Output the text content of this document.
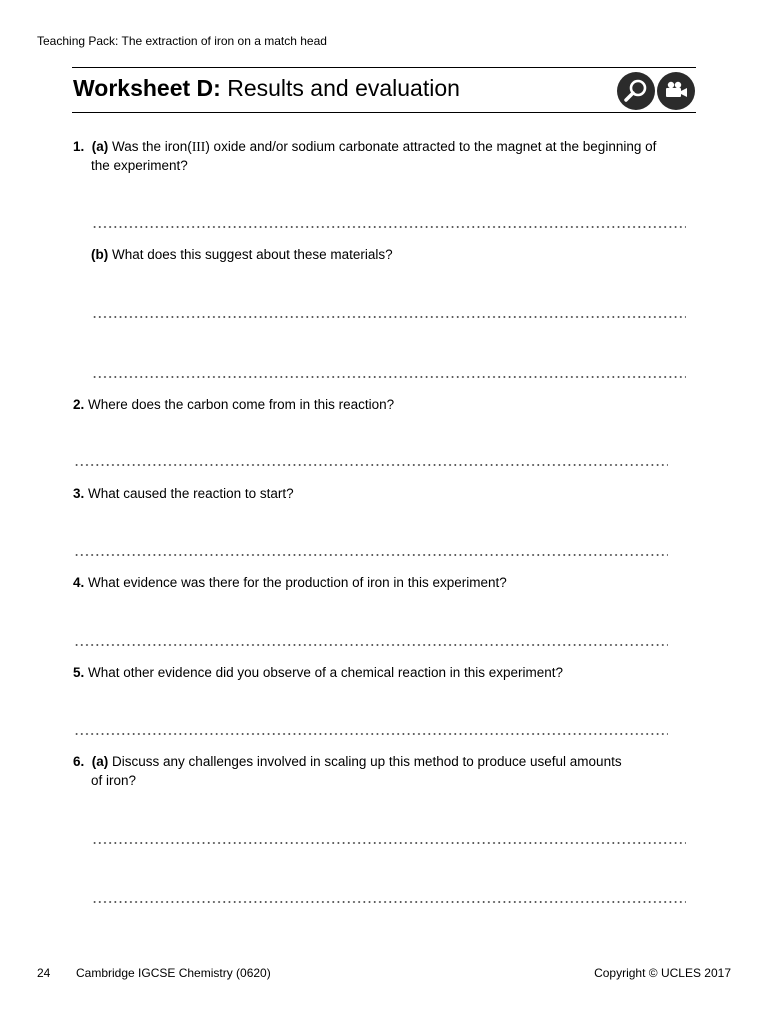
Teaching Pack: The extraction of iron on a match head
Worksheet D: Results and evaluation
1. (a) Was the iron(III) oxide and/or sodium carbonate attracted to the magnet at the beginning of
the experiment?
(b) What does this suggest about these materials?
2. Where does the carbon come from in this reaction?
3. What caused the reaction to start?
4. What evidence was there for the production of iron in this experiment?
5. What other evidence did you observe of a chemical reaction in this experiment?
6. (a) Discuss any challenges involved in scaling up this method to produce useful amounts
of iron?
24 Cambridge IGCSE Chemistry (0620)	Copyright © UCLES 2017
